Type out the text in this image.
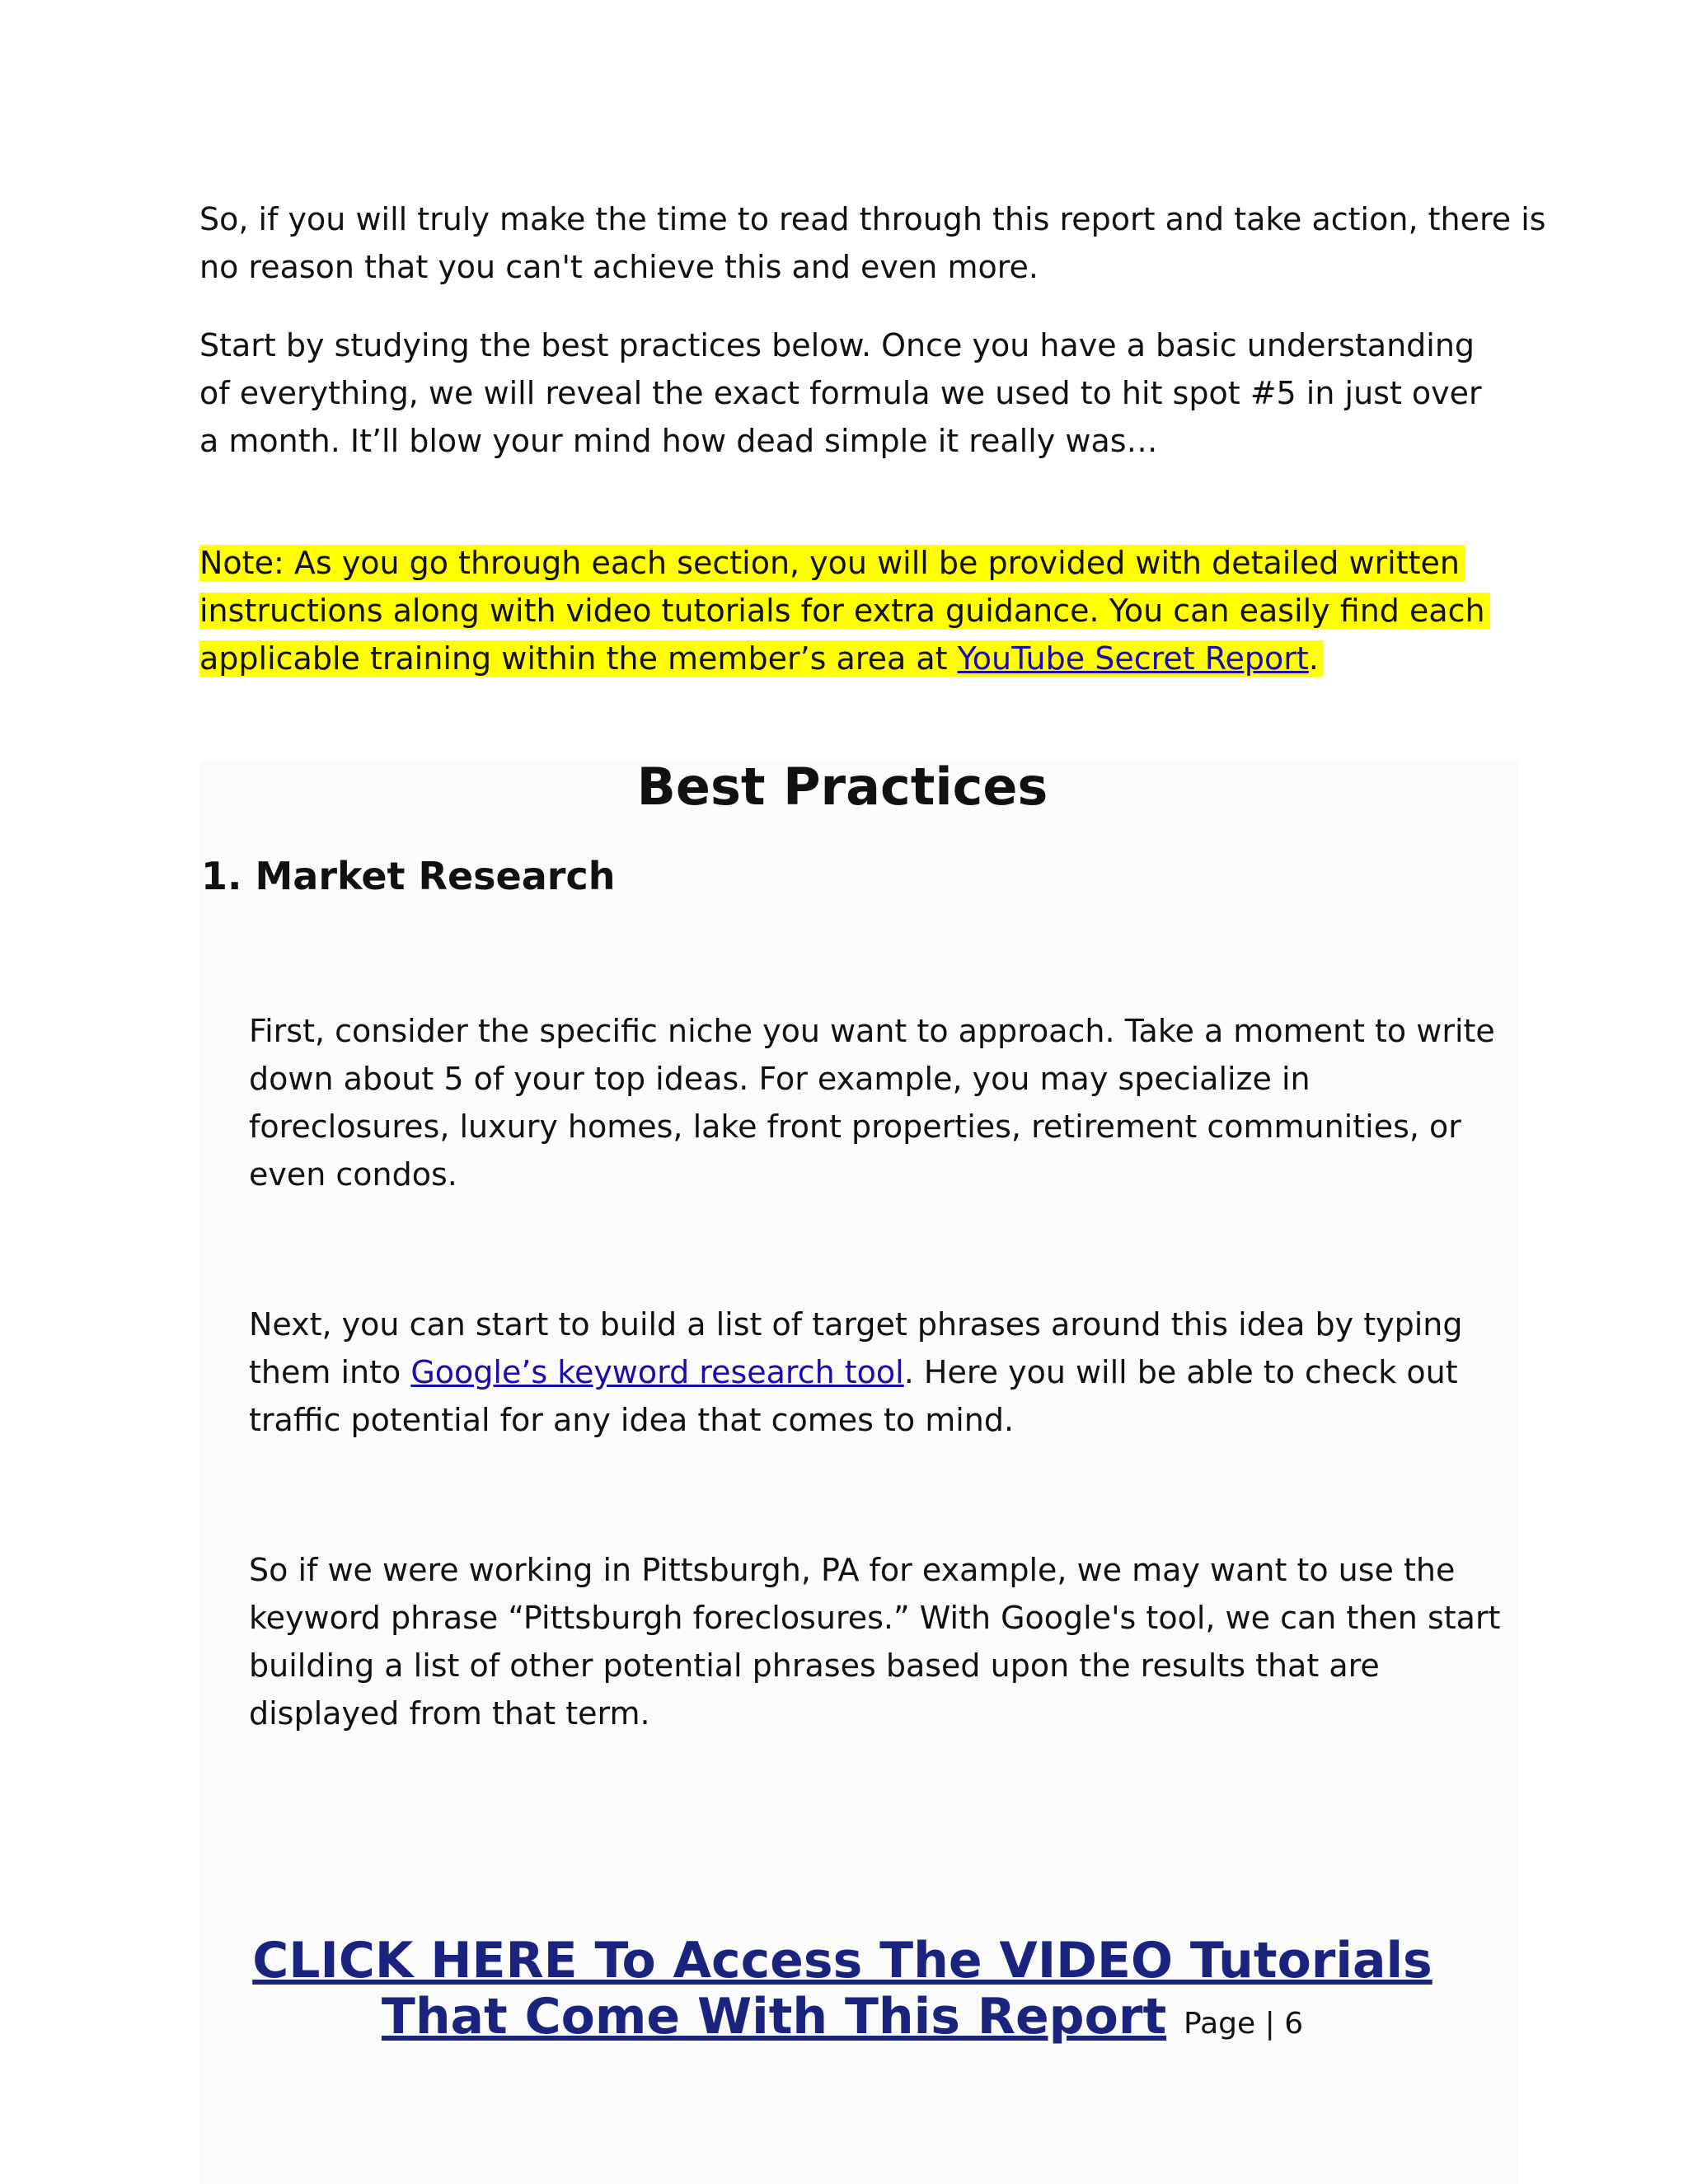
So, if you will truly make the time to read through this report and take action, there is no reason that you can't achieve this and even more.

Start by studying the best practices below. Once you have a basic understanding of everything, we will reveal the exact formula we used to hit spot #5 in just over a month. It’ll blow your mind how dead simple it really was…

Note: As you go through each section, you will be provided with detailed written instructions along with video tutorials for extra guidance. You can easily find each applicable training within the member’s area at YouTube Secret Report.

Best Practices
1. Market Research

First, consider the specific niche you want to approach. Take a moment to write down about 5 of your top ideas. For example, you may specialize in foreclosures, luxury homes, lake front properties, retirement communities, or even condos.

Next, you can start to build a list of target phrases around this idea by typing them into Google’s keyword research tool. Here you will be able to check out traffic potential for any idea that comes to mind.

So if we were working in Pittsburgh, PA for example, we may want to use the keyword phrase “Pittsburgh foreclosures.” With Google's tool, we can then start building a list of other potential phrases based upon the results that are displayed from that term.

CLICK HERE To Access The VIDEO Tutorials That Come With This Report Page | 6
